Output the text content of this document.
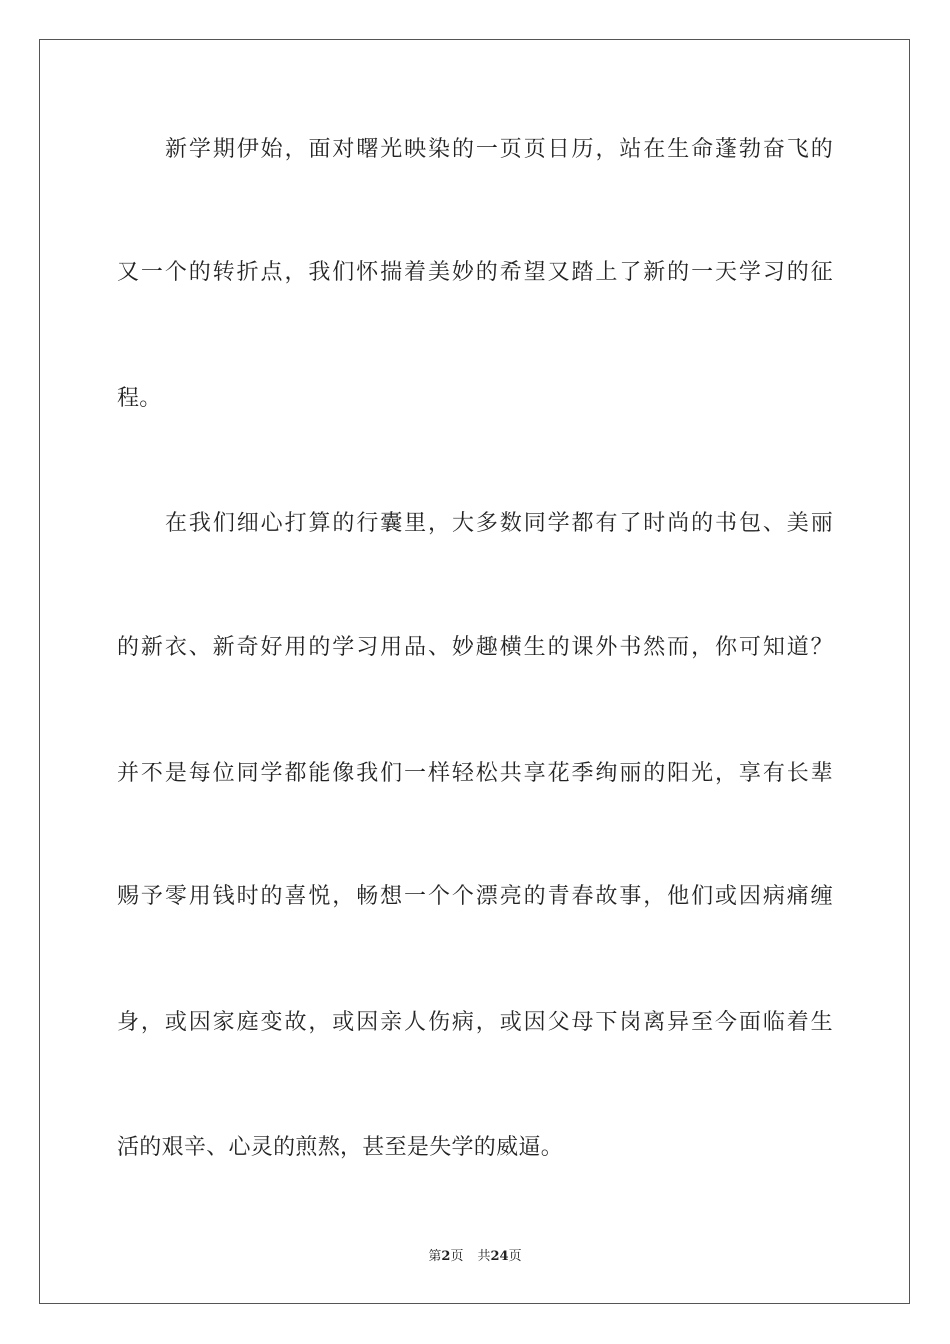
新学期伊始，面对曙光映染的一页页日历，站在生命蓬勃奋飞的
又一个的转折点，我们怀揣着美妙的希望又踏上了新的一天学习的征
程。
在我们细心打算的行囊里，大多数同学都有了时尚的书包、美丽
的新衣、新奇好用的学习用品、妙趣横生的课外书然而，你可知道？
并不是每位同学都能像我们一样轻松共享花季绚丽的阳光，享有长辈
赐予零用钱时的喜悦，畅想一个个漂亮的青春故事，他们或因病痛缠
身，或因家庭变故，或因亲人伤病，或因父母下岗离异至今面临着生
活的艰辛、心灵的煎熬，甚至是失学的威逼。
第2页 共24页
